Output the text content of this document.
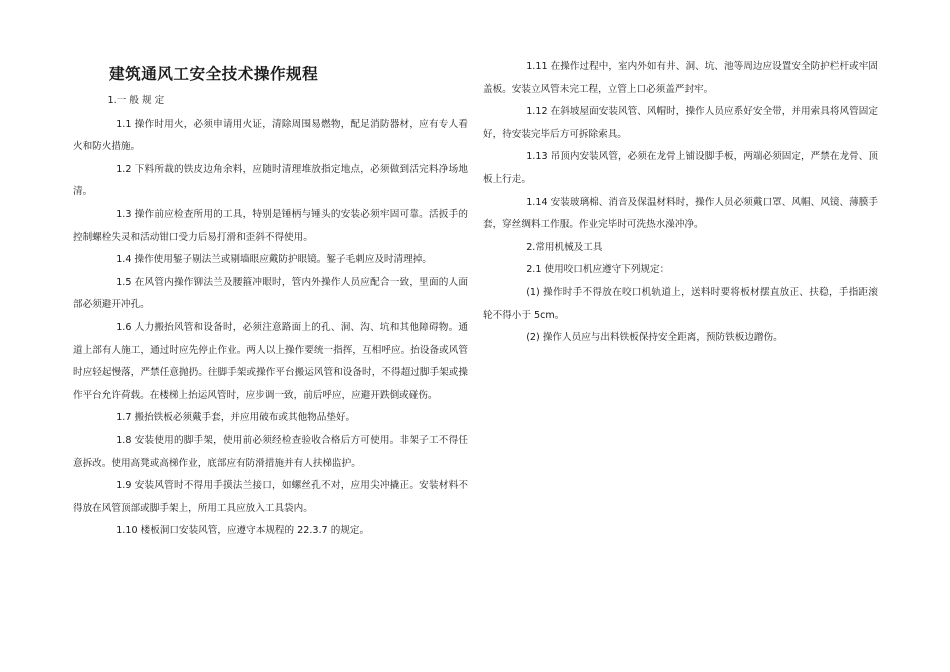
建筑通风工安全技术操作规程
1.一 般 规 定

1.1 操作时用火，必须申请用火证，清除周围易燃物，配足消防器材，应有专人看火和防火措施。

1.2 下料所裁的铁皮边角余料，应随时清理堆放指定地点，必须做到活完料净场地清。

1.3 操作前应检查所用的工具，特别是锤柄与锤头的安装必须牢固可靠。活扳手的控制螺栓失灵和活动钳口受力后易打滑和歪斜不得使用。

1.4 操作使用錾子剔法兰或剔墙眼应戴防护眼镜。錾子毛刺应及时清理掉。

1.5 在风管内操作铆法兰及腰箍冲眼时，管内外操作人员应配合一致，里面的人面部必须避开冲孔。

1.6 人力搬抬风管和设备时，必须注意路面上的孔、洞、沟、坑和其他障碍物。通道上部有人施工，通过时应先停止作业。两人以上操作要统一指挥，互相呼应。抬设备或风管时应轻起慢落，严禁任意抛扔。往脚手架或操作平台搬运风管和设备时，不得超过脚手架或操作平台允许荷载。在楼梯上抬运风管时，应步调一致，前后呼应，应避开跌倒或碰伤。

1.7 搬抬铁板必须戴手套，并应用破布或其他物品垫好。

1.8 安装使用的脚手架，使用前必须经检查验收合格后方可使用。非架子工不得任意拆改。使用高凳或高梯作业，底部应有防滑措施并有人扶梯监护。

1.9 安装风管时不得用手摸法兰接口，如螺丝孔不对，应用尖冲撬正。安装材料不得放在风管顶部或脚手架上，所用工具应放入工具袋内。

1.10 楼板洞口安装风管，应遵守本规程的 22.3.7 的规定。

1.11 在操作过程中，室内外如有井、洞、坑、池等周边应设置安全防护栏杆或牢固盖板。安装立风管未完工程，立管上口必须盖严封牢。

1.12 在斜坡屋面安装风管、风帽时，操作人员应系好安全带，并用索具将风管固定好，待安装完毕后方可拆除索具。

1.13 吊顶内安装风管，必须在龙骨上铺设脚手板，两端必须固定，严禁在龙骨、顶板上行走。

1.14 安装玻璃棉、消音及保温材料时，操作人员必须戴口罩、风帽、风镜、薄膜手套，穿丝绸料工作服。作业完毕时可洗热水澡冲净。

2.常用机械及工具
2.1 使用咬口机应遵守下列规定：

(1) 操作时手不得放在咬口机轨道上，送料时要将板材摆直放正、扶稳，手指距滚轮不得小于 5cm。

(2) 操作人员应与出料铁板保持安全距离，预防铁板边蹭伤。
